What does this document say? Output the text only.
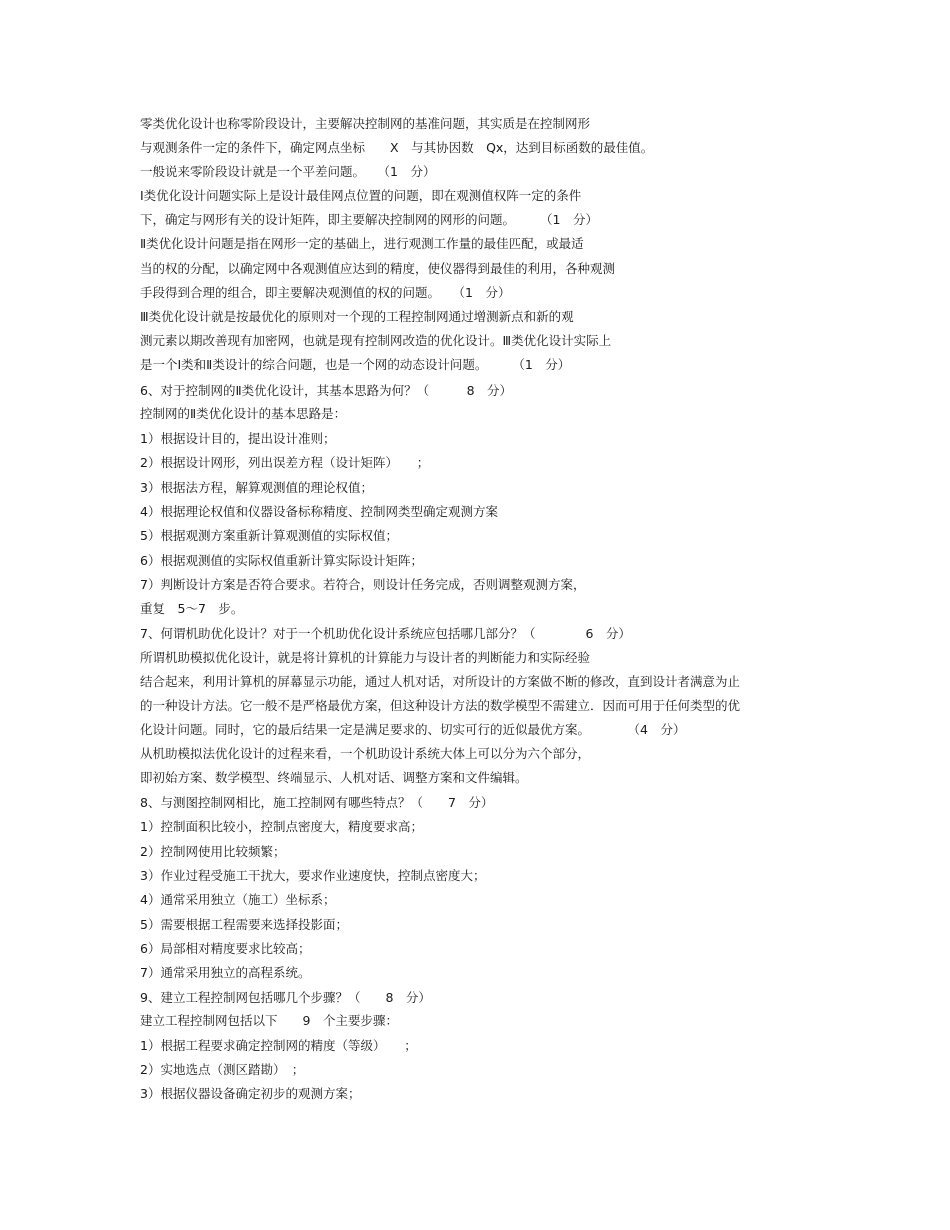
零类优化设计也称零阶段设计，主要解决控制网的基准问题，其实质是在控制网形
与观测条件一定的条件下，确定网点坐标　　X　与其协因数　Qx，达到目标函数的最佳值。
一般说来零阶段设计就是一个平差问题。　　（1　分）
Ⅰ类优化设计问题实际上是设计最佳网点位置的问题，即在观测值权阵一定的条件
下，确定与网形有关的设计矩阵，即主要解决控制网的网形的问题。　　　（1　分）
Ⅱ类优化设计问题是指在网形一定的基础上，进行观测工作量的最佳匹配，或最适
当的权的分配，以确定网中各观测值应达到的精度，使仪器得到最佳的利用，各种观测
手段得到合理的组合，即主要解决观测值的权的问题。　　（1　分）
Ⅲ类优化设计就是按最优化的原则对一个现的工程控制网通过增测新点和新的观
测元素以期改善现有加密网，也就是现有控制网改造的优化设计。Ⅲ类优化设计实际上
是一个Ⅰ类和Ⅱ类设计的综合问题，也是一个网的动态设计问题。　　　（1　分）
6、对于控制网的Ⅱ类优化设计，其基本思路为何？（　　　8　分）
控制网的Ⅱ类优化设计的基本思路是：
1）根据设计目的，提出设计准则；
2）根据设计网形，列出误差方程（设计矩阵）　　；
3）根据法方程，解算观测值的理论权值；
4）根据理论权值和仪器设备标称精度、控制网类型确定观测方案
5）根据观测方案重新计算观测值的实际权值；
6）根据观测值的实际权值重新计算实际设计矩阵；
7）判断设计方案是否符合要求。若符合，则设计任务完成，否则调整观测方案，
重复　5～7　步。
7、何谓机助优化设计？对于一个机助优化设计系统应包括哪几部分？（　　　　6　分）
所谓机助模拟优化设计，就是将计算机的计算能力与设计者的判断能力和实际经验
结合起来，利用计算机的屏幕显示功能，通过人机对话，对所设计的方案做不断的修改，直到设计者满意为止
的一种设计方法。它一般不是严格最优方案，但这种设计方法的数学模型不需建立．因而可用于任何类型的优
化设计问题。同时，它的最后结果一定是满足要求的、切实可行的近似最优方案。　　　　（4　分）
从机助模拟法优化设计的过程来看，一个机助设计系统大体上可以分为六个部分，
即初始方案、数学模型、终端显示、人机对话、调整方案和文件编辑。
8、与测图控制网相比，施工控制网有哪些特点？（　　7　分）
1）控制面积比较小，控制点密度大，精度要求高；
2）控制网使用比较频繁；
3）作业过程受施工干扰大，要求作业速度快，控制点密度大；
4）通常采用独立（施工）坐标系；
5）需要根据工程需要来选择投影面；
6）局部相对精度要求比较高；
7）通常采用独立的高程系统。
9、建立工程控制网包括哪几个步骤？（　　8　分）
建立工程控制网包括以下　　9　个主要步骤：
1）根据工程要求确定控制网的精度（等级）　　；
2）实地选点（测区踏勘）　；
3）根据仪器设备确定初步的观测方案；
